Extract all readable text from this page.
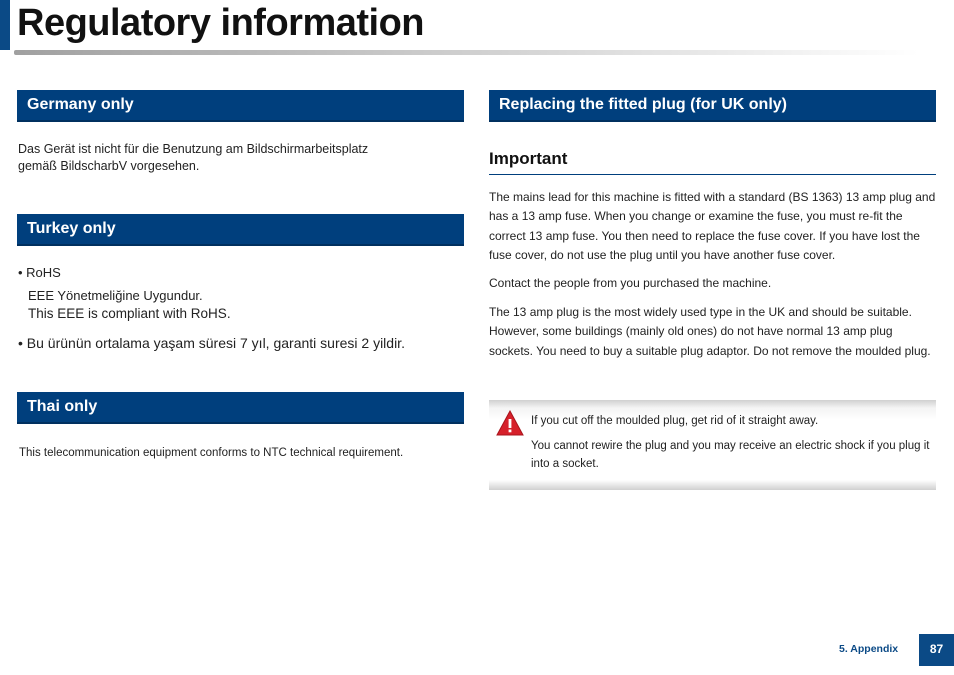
Regulatory information
Germany only
Das Gerät ist nicht für die Benutzung am Bildschirmarbeitsplatz
gemäß BildscharbV vorgesehen.
Turkey only
• RoHS
EEE Yönetmeliğine Uygundur.
This EEE is compliant with RoHS.
• Bu ürünün ortalama yaşam süresi 7 yıl, garanti suresi 2 yildir.
Thai only
This telecommunication equipment conforms to NTC technical requirement.
Replacing the fitted plug (for UK only)
Important
The mains lead for this machine is fitted with a standard (BS 1363) 13 amp plug and has a 13 amp fuse. When you change or examine the fuse, you must re-fit the correct 13 amp fuse. You then need to replace the fuse cover. If you have lost the fuse cover, do not use the plug until you have another fuse cover.
Contact the people from you purchased the machine.
The 13 amp plug is the most widely used type in the UK and should be suitable. However, some buildings (mainly old ones) do not have normal 13 amp plug sockets. You need to buy a suitable plug adaptor. Do not remove the moulded plug.
If you cut off the moulded plug, get rid of it straight away.
You cannot rewire the plug and you may receive an electric shock if you plug it into a socket.
5. Appendix	87
